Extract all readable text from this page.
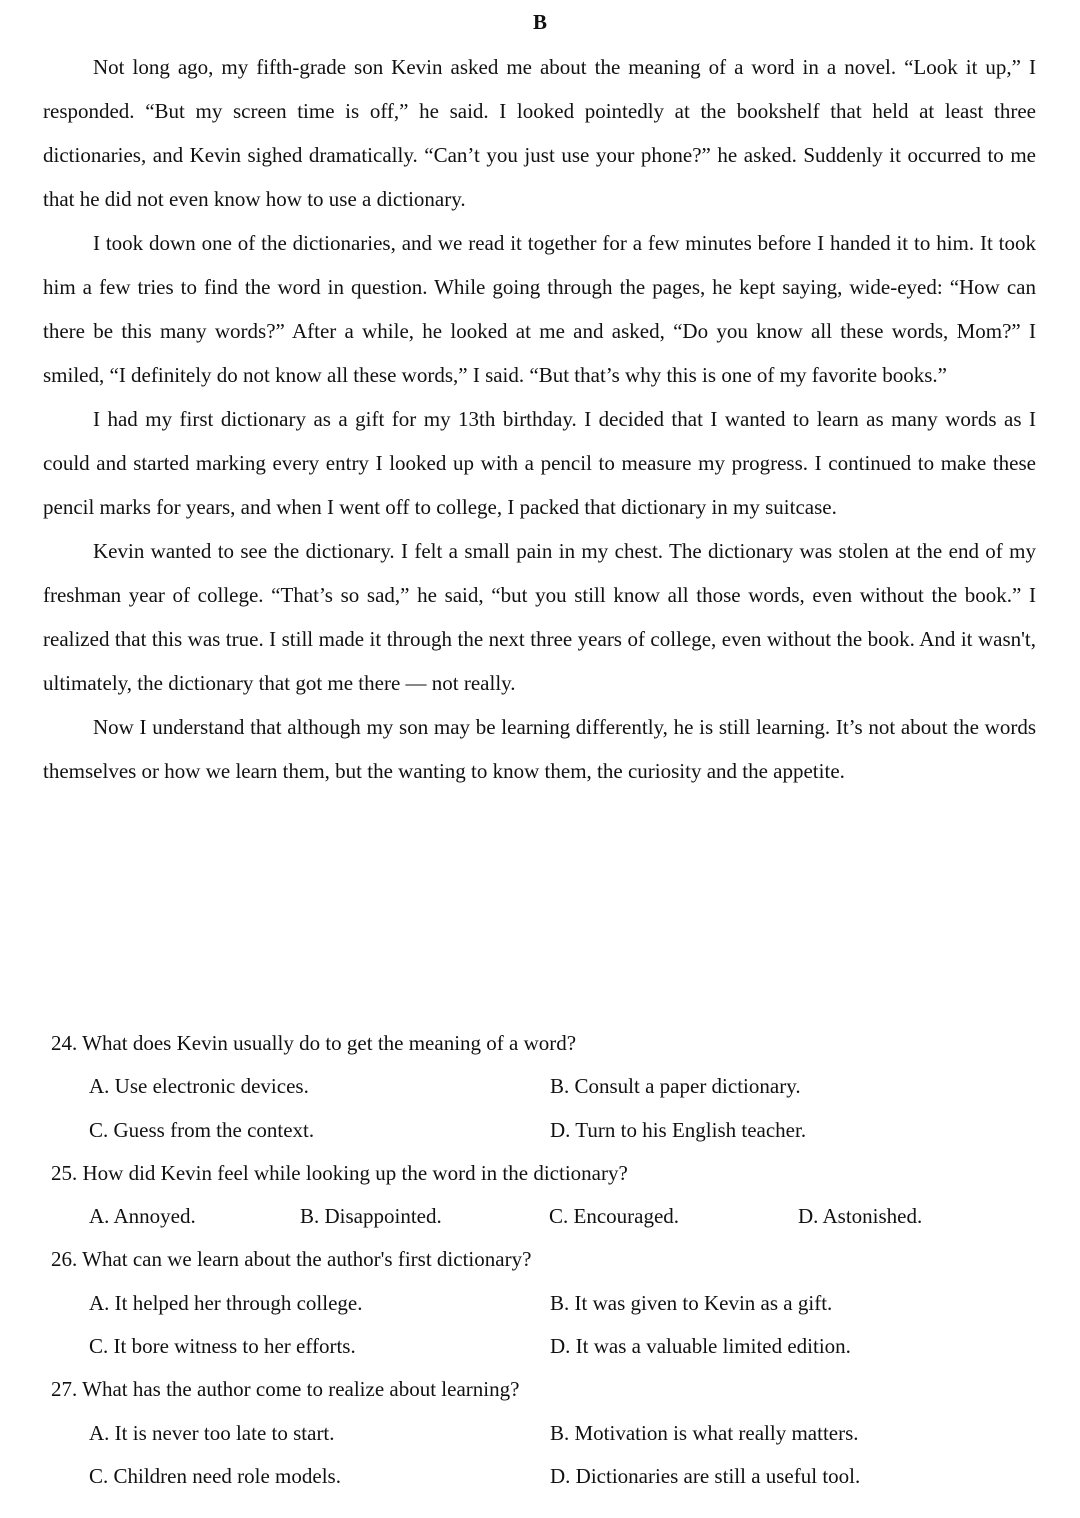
B

Not long ago, my fifth-grade son Kevin asked me about the meaning of a word in a novel. “Look it up,” I responded. “But my screen time is off,” he said. I looked pointedly at the bookshelf that held at least three dictionaries, and Kevin sighed dramatically. “Can’t you just use your phone?” he asked. Suddenly it occurred to me that he did not even know how to use a dictionary.

I took down one of the dictionaries, and we read it together for a few minutes before I handed it to him. It took him a few tries to find the word in question. While going through the pages, he kept saying, wide-eyed: “How can there be this many words?” After a while, he looked at me and asked, “Do you know all these words, Mom?” I smiled, “I definitely do not know all these words,” I said. “But that’s why this is one of my favorite books.”

I had my first dictionary as a gift for my 13th birthday. I decided that I wanted to learn as many words as I could and started marking every entry I looked up with a pencil to measure my progress. I continued to make these pencil marks for years, and when I went off to college, I packed that dictionary in my suitcase.

Kevin wanted to see the dictionary. I felt a small pain in my chest. The dictionary was stolen at the end of my freshman year of college. “That’s so sad,” he said, “but you still know all those words, even without the book.” I realized that this was true. I still made it through the next three years of college, even without the book. And it wasn't, ultimately, the dictionary that got me there — not really.

Now I understand that although my son may be learning differently, he is still learning. It’s not about the words themselves or how we learn them, but the wanting to know them, the curiosity and the appetite.

24. What does Kevin usually do to get the meaning of a word?
A. Use electronic devices.	B. Consult a paper dictionary.
C. Guess from the context.	D. Turn to his English teacher.
25. How did Kevin feel while looking up the word in the dictionary?
A. Annoyed.	B. Disappointed.	C. Encouraged.	D. Astonished.
26. What can we learn about the author's first dictionary?
A. It helped her through college.	B. It was given to Kevin as a gift.
C. It bore witness to her efforts.	D. It was a valuable limited edition.
27. What has the author come to realize about learning?
A. It is never too late to start.	B. Motivation is what really matters.
C. Children need role models.	D. Dictionaries are still a useful tool.
